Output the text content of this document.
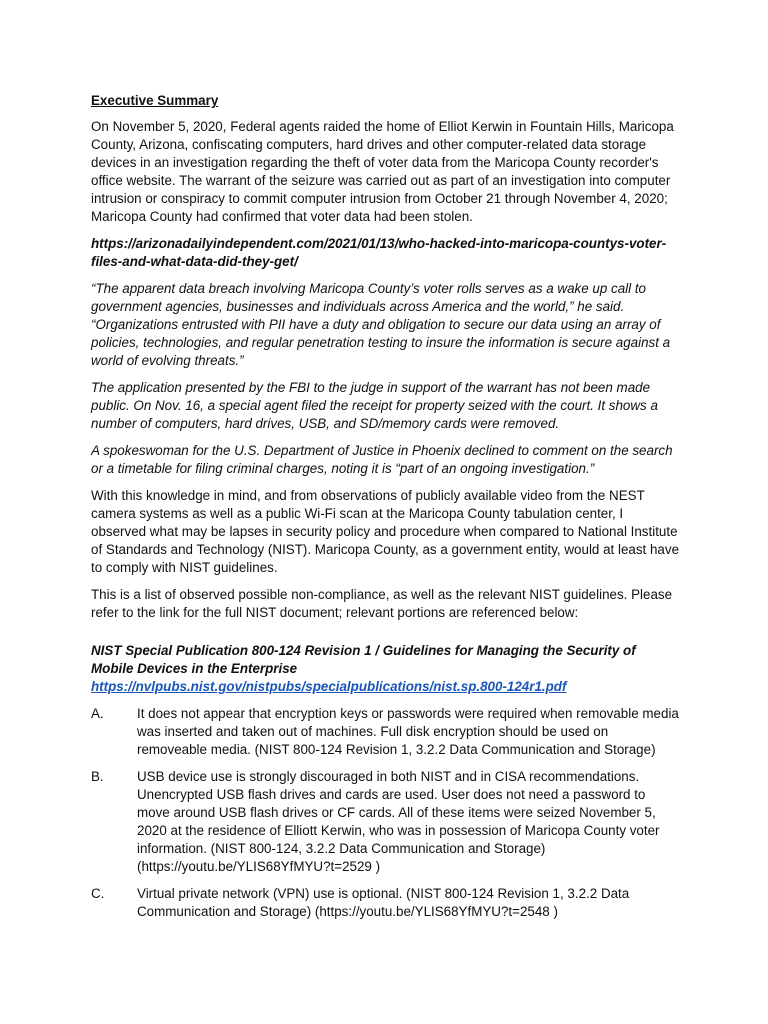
Executive Summary

On November 5, 2020, Federal agents raided the home of Elliot Kerwin in Fountain Hills, Maricopa County, Arizona, confiscating computers, hard drives and other computer-related data storage devices in an investigation regarding the theft of voter data from the Maricopa County recorder's office website. The warrant of the seizure was carried out as part of an investigation into computer intrusion or conspiracy to commit computer intrusion from October 21 through November 4, 2020; Maricopa County had confirmed that voter data had been stolen.

https://arizonadailyindependent.com/2021/01/13/who-hacked-into-maricopa-countys-voter-files-and-what-data-did-they-get/

“The apparent data breach involving Maricopa County’s voter rolls serves as a wake up call to government agencies, businesses and individuals across America and the world,” he said. “Organizations entrusted with PII have a duty and obligation to secure our data using an array of policies, technologies, and regular penetration testing to insure the information is secure against a world of evolving threats.”

The application presented by the FBI to the judge in support of the warrant has not been made public. On Nov. 16, a special agent filed the receipt for property seized with the court. It shows a number of computers, hard drives, USB, and SD/memory cards were removed.

A spokeswoman for the U.S. Department of Justice in Phoenix declined to comment on the search or a timetable for filing criminal charges, noting it is “part of an ongoing investigation.”

With this knowledge in mind, and from observations of publicly available video from the NEST camera systems as well as a public Wi-Fi scan at the Maricopa County tabulation center, I observed what may be lapses in security policy and procedure when compared to National Institute of Standards and Technology (NIST). Maricopa County, as a government entity, would at least have to comply with NIST guidelines.

This is a list of observed possible non-compliance, as well as the relevant NIST guidelines. Please refer to the link for the full NIST document; relevant portions are referenced below:

NIST Special Publication 800-124 Revision 1 / Guidelines for Managing the Security of Mobile Devices in the Enterprise
https://nvlpubs.nist.gov/nistpubs/specialpublications/nist.sp.800-124r1.pdf
A.	It does not appear that encryption keys or passwords were required when removable media was inserted and taken out of machines. Full disk encryption should be used on removeable media. (NIST 800-124 Revision 1, 3.2.2 Data Communication and Storage)
B.	USB device use is strongly discouraged in both NIST and in CISA recommendations. Unencrypted USB flash drives and cards are used. User does not need a password to move around USB flash drives or CF cards. All of these items were seized November 5, 2020 at the residence of Elliott Kerwin, who was in possession of Maricopa County voter information. (NIST 800-124, 3.2.2 Data Communication and Storage) (https://youtu.be/YLIS68YfMYU?t=2529 )
C.	Virtual private network (VPN) use is optional. (NIST 800-124 Revision 1, 3.2.2 Data Communication and Storage) (https://youtu.be/YLIS68YfMYU?t=2548 )
